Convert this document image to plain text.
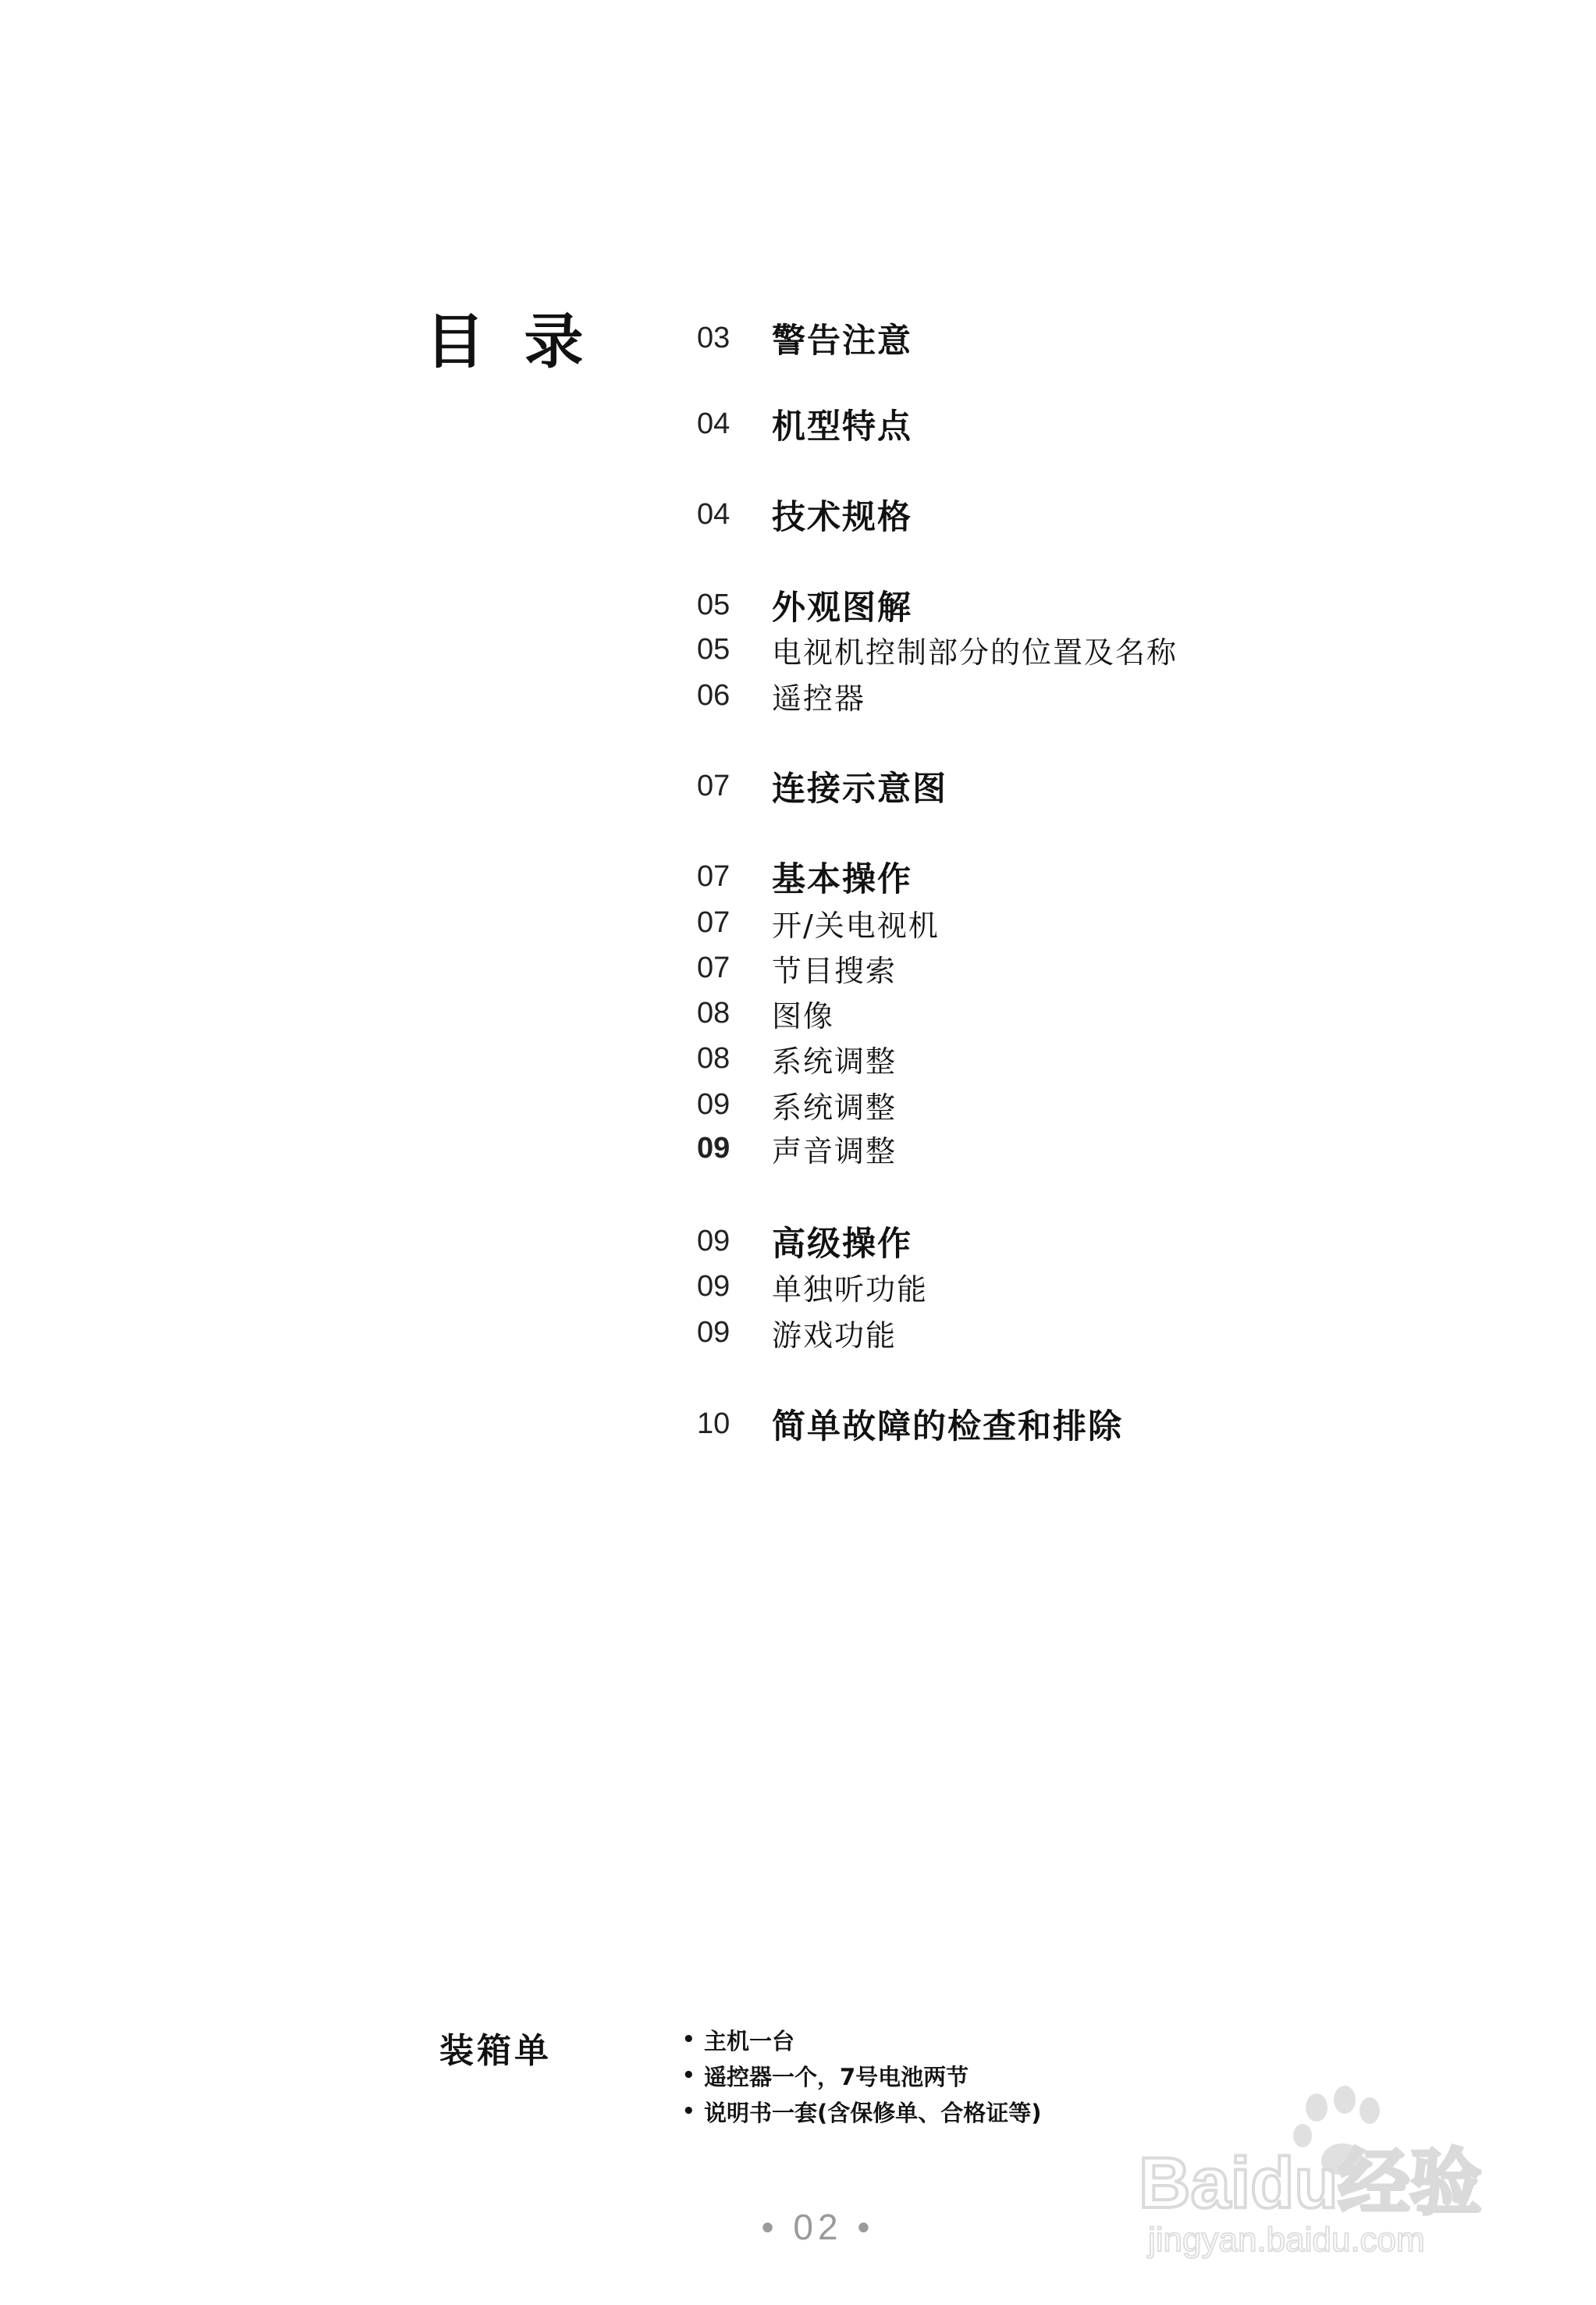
目 录	03	警告注意
04	机型特点
04	技术规格
05	外观图解
05	电视机控制部分的位置及名称
06	遥控器
07	连接示意图
07	基本操作
07	开/关电视机
07	节目搜索
08	图像
08	系统调整
09	系统调整
09	声音调整
09	高级操作
09	单独听功能
09	游戏功能
10	简单故障的检查和排除
装箱单	• 主机一台
• 遥控器一个，7号电池两节
• 说明书一套(含保修单、合格证等)
• 02 •
Baidu经验
jingyan.baidu.com
